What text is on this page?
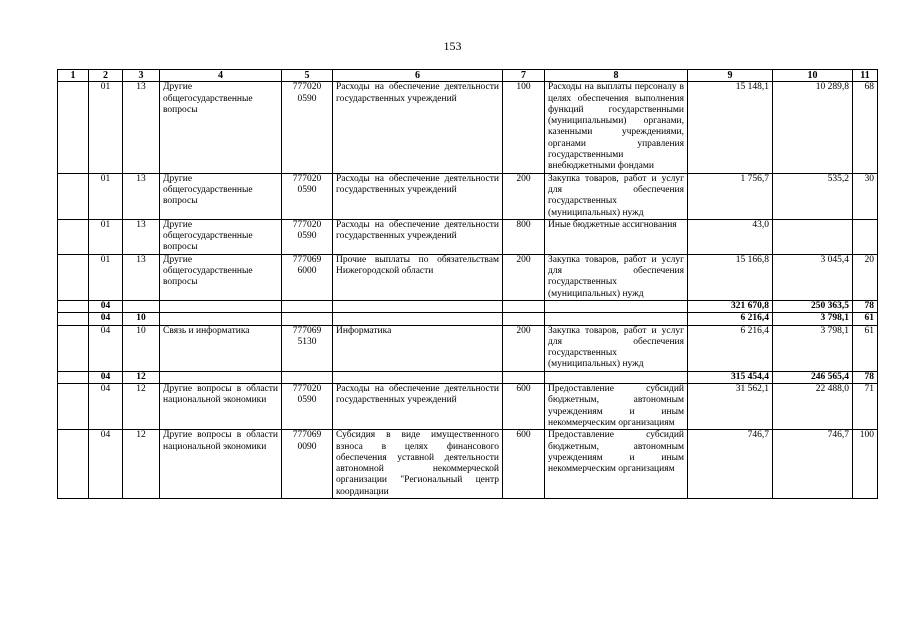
153
1	2	3	4	5	6	7	8	9	10	11
	01	13	Другие общегосударственные вопросы	777020 0590	Расходы на обеспечение деятельности государственных учреждений	100	Расходы на выплаты персоналу в целях обеспечения выполнения функций государственными (муниципальными) органами, казенными учреждениями, органами управления государственными внебюджетными фондами	15 148,1	10 289,8	68
	01	13	Другие общегосударственные вопросы	777020 0590	Расходы на обеспечение деятельности государственных учреждений	200	Закупка товаров, работ и услуг для обеспечения государственных (муниципальных) нужд	1 756,7	535,2	30
	01	13	Другие общегосударственные вопросы	777020 0590	Расходы на обеспечение деятельности государственных учреждений	800	Иные бюджетные ассигнования	43,0		
	01	13	Другие общегосударственные вопросы	777069 6000	Прочие выплаты по обязательствам Нижегородской области	200	Закупка товаров, работ и услуг для обеспечения государственных (муниципальных) нужд	15 166,8	3 045,4	20
	04							321 670,8	250 363,5	78
	04	10						6 216,4	3 798,1	61
	04	10	Связь и информатика	777069 5130	Информатика	200	Закупка товаров, работ и услуг для обеспечения государственных (муниципальных) нужд	6 216,4	3 798,1	61
	04	12						315 454,4	246 565,4	78
	04	12	Другие вопросы в области национальной экономики	777020 0590	Расходы на обеспечение деятельности государственных учреждений	600	Предоставление субсидий бюджетным, автономным учреждениям и иным некоммерческим организациям	31 562,1	22 488,0	71
	04	12	Другие вопросы в области национальной экономики	777069 0090	Субсидия в виде имущественного взноса в целях финансового обеспечения уставной деятельности автономной некоммерческой организации "Региональный центр координации	600	Предоставление субсидий бюджетным, автономным учреждениям и иным некоммерческим организациям	746,7	746,7	100
